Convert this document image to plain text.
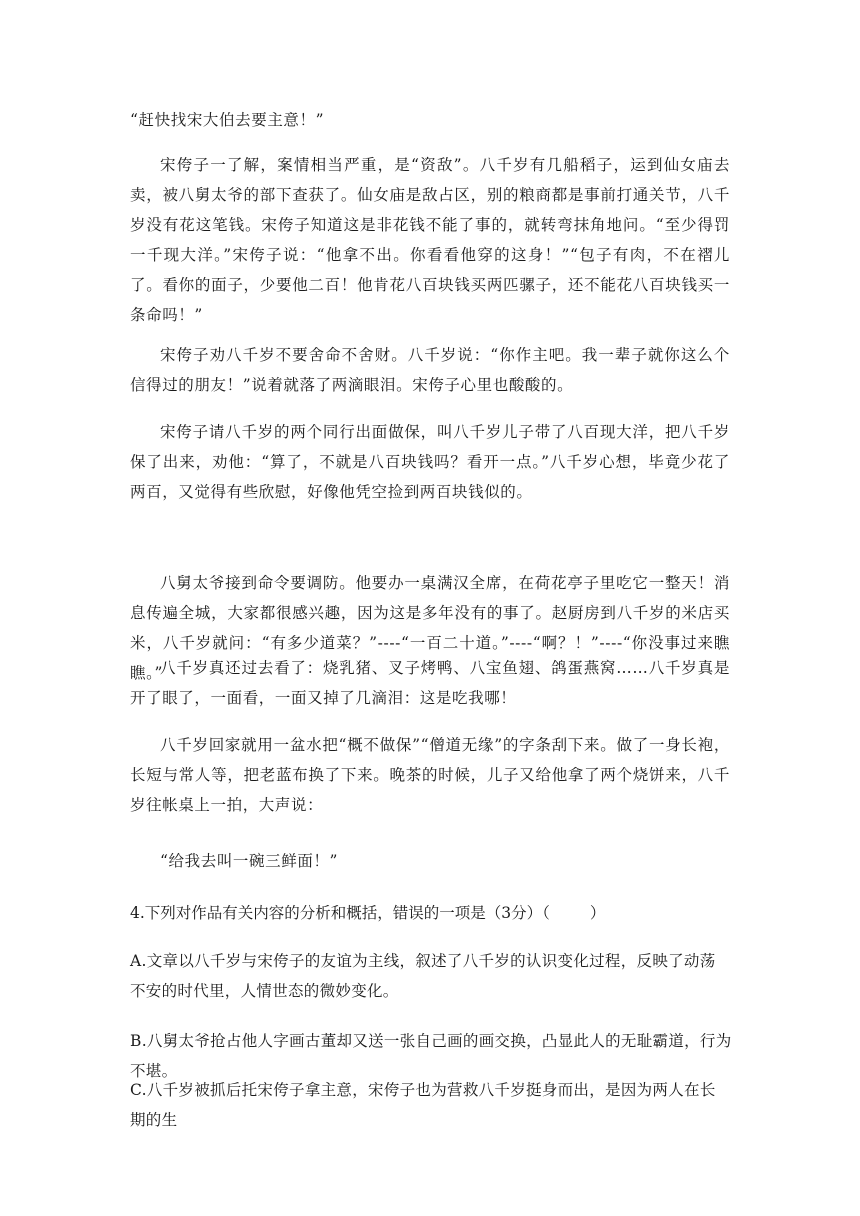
“赶快找宋大伯去要主意！”

宋侉子一了解，案情相当严重，是“资敌”。八千岁有几船稻子，运到仙女庙去卖，被八舅太爷的部下查获了。仙女庙是敌占区，别的粮商都是事前打通关节，八千岁没有花这笔钱。宋侉子知道这是非花钱不能了事的，就转弯抹角地问。“至少得罚一千现大洋。”宋侉子说：“他拿不出。你看看他穿的这身！”“包子有肉，不在褶儿了。看你的面子，少要他二百！他肯花八百块钱买两匹骡子，还不能花八百块钱买一条命吗！”

宋侉子劝八千岁不要舍命不舍财。八千岁说：“你作主吧。我一辈子就你这么个信得过的朋友！”说着就落了两滴眼泪。宋侉子心里也酸酸的。

宋侉子请八千岁的两个同行出面做保，叫八千岁儿子带了八百现大洋，把八千岁保了出来，劝他：“算了，不就是八百块钱吗？看开一点。”八千岁心想，毕竟少花了两百，又觉得有些欣慰，好像他凭空捡到两百块钱似的。

八舅太爷接到命令要调防。他要办一桌满汉全席，在荷花亭子里吃它一整天！消息传遍全城，大家都很感兴趣，因为这是多年没有的事了。赵厨房到八千岁的米店买米，八千岁就问：“有多少道菜？”----“一百二十道。”----“啊？！”----“你没事过来瞧瞧。”

八千岁真还过去看了：烧乳猪、叉子烤鸭、八宝鱼翅、鸽蛋燕窝……八千岁真是开了眼了，一面看，一面又掉了几滴泪：这是吃我哪！

八千岁回家就用一盆水把“概不做保”“僧道无缘”的字条刮下来。做了一身长袍，长短与常人等，把老蓝布换了下来。晚茶的时候，儿子又给他拿了两个烧饼来，八千岁往帐桌上一拍，大声说：

“给我去叫一碗三鲜面！”

4.下列对作品有关内容的分析和概括，错误的一项是（3分）（	）

A.文章以八千岁与宋侉子的友谊为主线，叙述了八千岁的认识变化过程，反映了动荡不安的时代里，人情世态的微妙变化。

B.八舅太爷抢占他人字画古董却又送一张自己画的画交换，凸显此人的无耻霸道，行为不堪。

C.八千岁被抓后托宋侉子拿主意，宋侉子也为营救八千岁挺身而出，是因为两人在长期的生
